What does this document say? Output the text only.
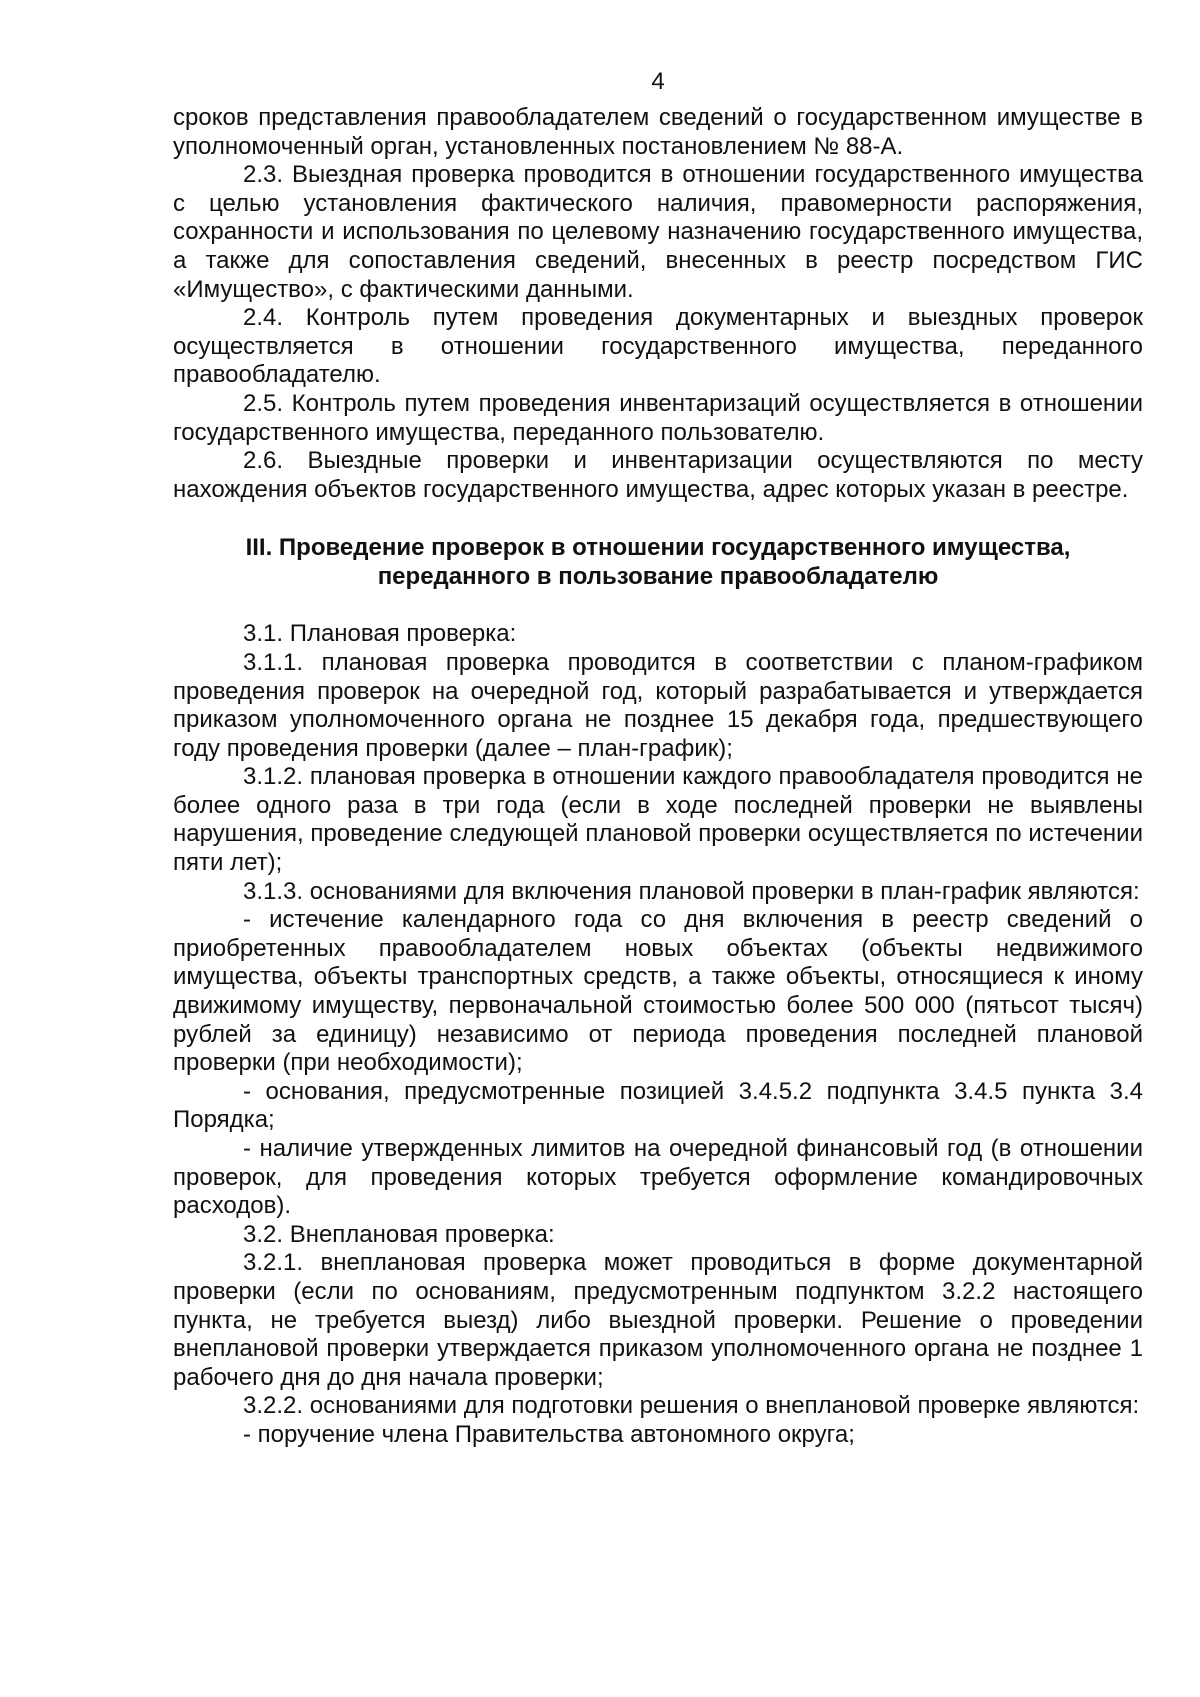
4

сроков представления правообладателем сведений о государственном имуществе в уполномоченный орган, установленных постановлением № 88-А.

2.3. Выездная проверка проводится в отношении государственного имущества с целью установления фактического наличия, правомерности распоряжения, сохранности и использования по целевому назначению государственного имущества, а также для сопоставления сведений, внесенных в реестр посредством ГИС «Имущество», с фактическими данными.

2.4. Контроль путем проведения документарных и выездных проверок осуществляется в отношении государственного имущества, переданного правообладателю.

2.5. Контроль путем проведения инвентаризаций осуществляется в отношении государственного имущества, переданного пользователю.

2.6. Выездные проверки и инвентаризации осуществляются по месту нахождения объектов государственного имущества, адрес которых указан в реестре.

III. Проведение проверок в отношении государственного имущества,
переданного в пользование правообладателю

3.1. Плановая проверка:

3.1.1. плановая проверка проводится в соответствии с планом-графиком проведения проверок на очередной год, который разрабатывается и утверждается приказом уполномоченного органа не позднее 15 декабря года, предшествующего году проведения проверки (далее – план-график);

3.1.2. плановая проверка в отношении каждого правообладателя проводится не более одного раза в три года (если в ходе последней проверки не выявлены нарушения, проведение следующей плановой проверки осуществляется по истечении пяти лет);

3.1.3. основаниями для включения плановой проверки в план-график являются:

- истечение календарного года со дня включения в реестр сведений о приобретенных правообладателем новых объектах (объекты недвижимого имущества, объекты транспортных средств, а также объекты, относящиеся к иному движимому имуществу, первоначальной стоимостью более 500 000 (пятьсот тысяч) рублей за единицу) независимо от периода проведения последней плановой проверки (при необходимости);

- основания, предусмотренные позицией 3.4.5.2 подпункта 3.4.5 пункта 3.4 Порядка;

- наличие утвержденных лимитов на очередной финансовый год (в отношении проверок, для проведения которых требуется оформление командировочных расходов).

3.2. Внеплановая проверка:

3.2.1. внеплановая проверка может проводиться в форме документарной проверки (если по основаниям, предусмотренным подпунктом 3.2.2 настоящего пункта, не требуется выезд) либо выездной проверки. Решение о проведении внеплановой проверки утверждается приказом уполномоченного органа не позднее 1 рабочего дня до дня начала проверки;

3.2.2. основаниями для подготовки решения о внеплановой проверке являются:

- поручение члена Правительства автономного округа;
